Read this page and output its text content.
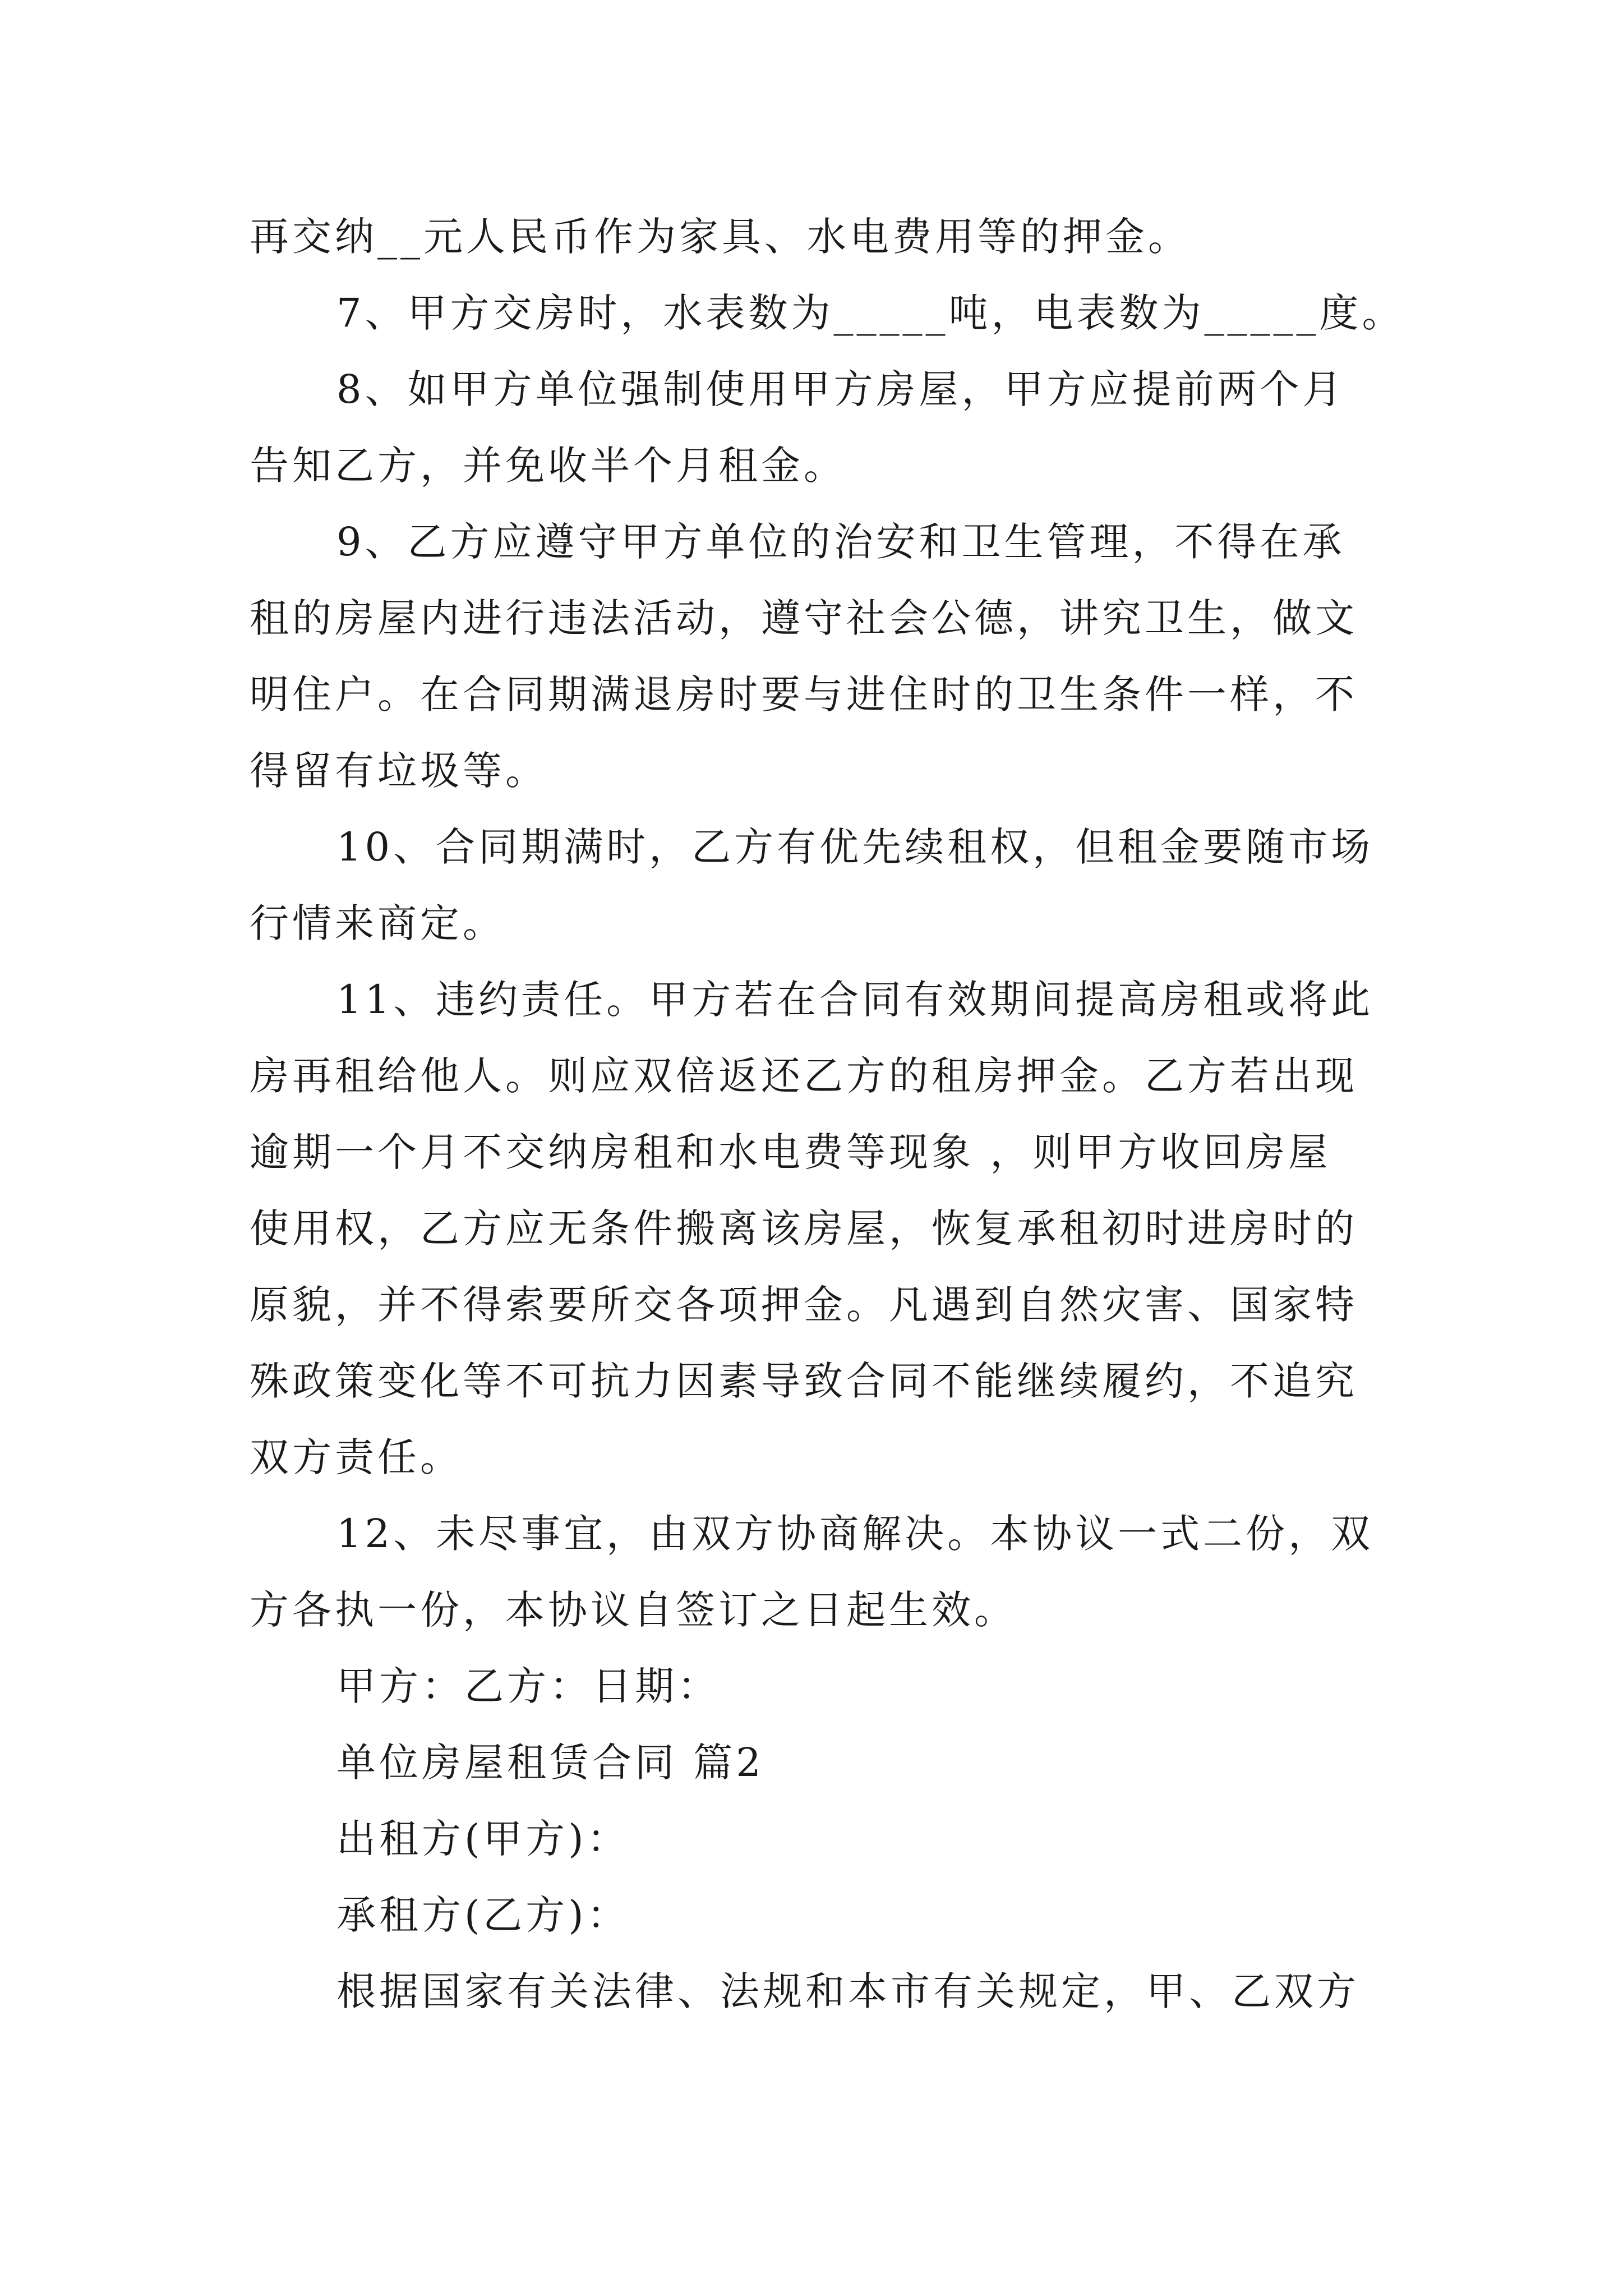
再交纳__元人民币作为家具、水电费用等的押金。
7、甲方交房时，水表数为_____吨，电表数为_____度。
8、如甲方单位强制使用甲方房屋，甲方应提前两个月
告知乙方，并免收半个月租金。
9、乙方应遵守甲方单位的治安和卫生管理，不得在承
租的房屋内进行违法活动，遵守社会公德，讲究卫生，做文
明住户。在合同期满退房时要与进住时的卫生条件一样，不
得留有垃圾等。
10、合同期满时，乙方有优先续租权，但租金要随市场
行情来商定。
11、违约责任。甲方若在合同有效期间提高房租或将此
房再租给他人。则应双倍返还乙方的租房押金。乙方若出现
逾期一个月不交纳房租和水电费等现象 ，则甲方收回房屋
使用权，乙方应无条件搬离该房屋，恢复承租初时进房时的
原貌，并不得索要所交各项押金。凡遇到自然灾害、国家特
殊政策变化等不可抗力因素导致合同不能继续履约，不追究
双方责任。
12、未尽事宜，由双方协商解决。本协议一式二份，双
方各执一份，本协议自签订之日起生效。
甲方：乙方：日期：
单位房屋租赁合同 篇2
出租方(甲方)：
承租方(乙方)：
根据国家有关法律、法规和本市有关规定，甲、乙双方
